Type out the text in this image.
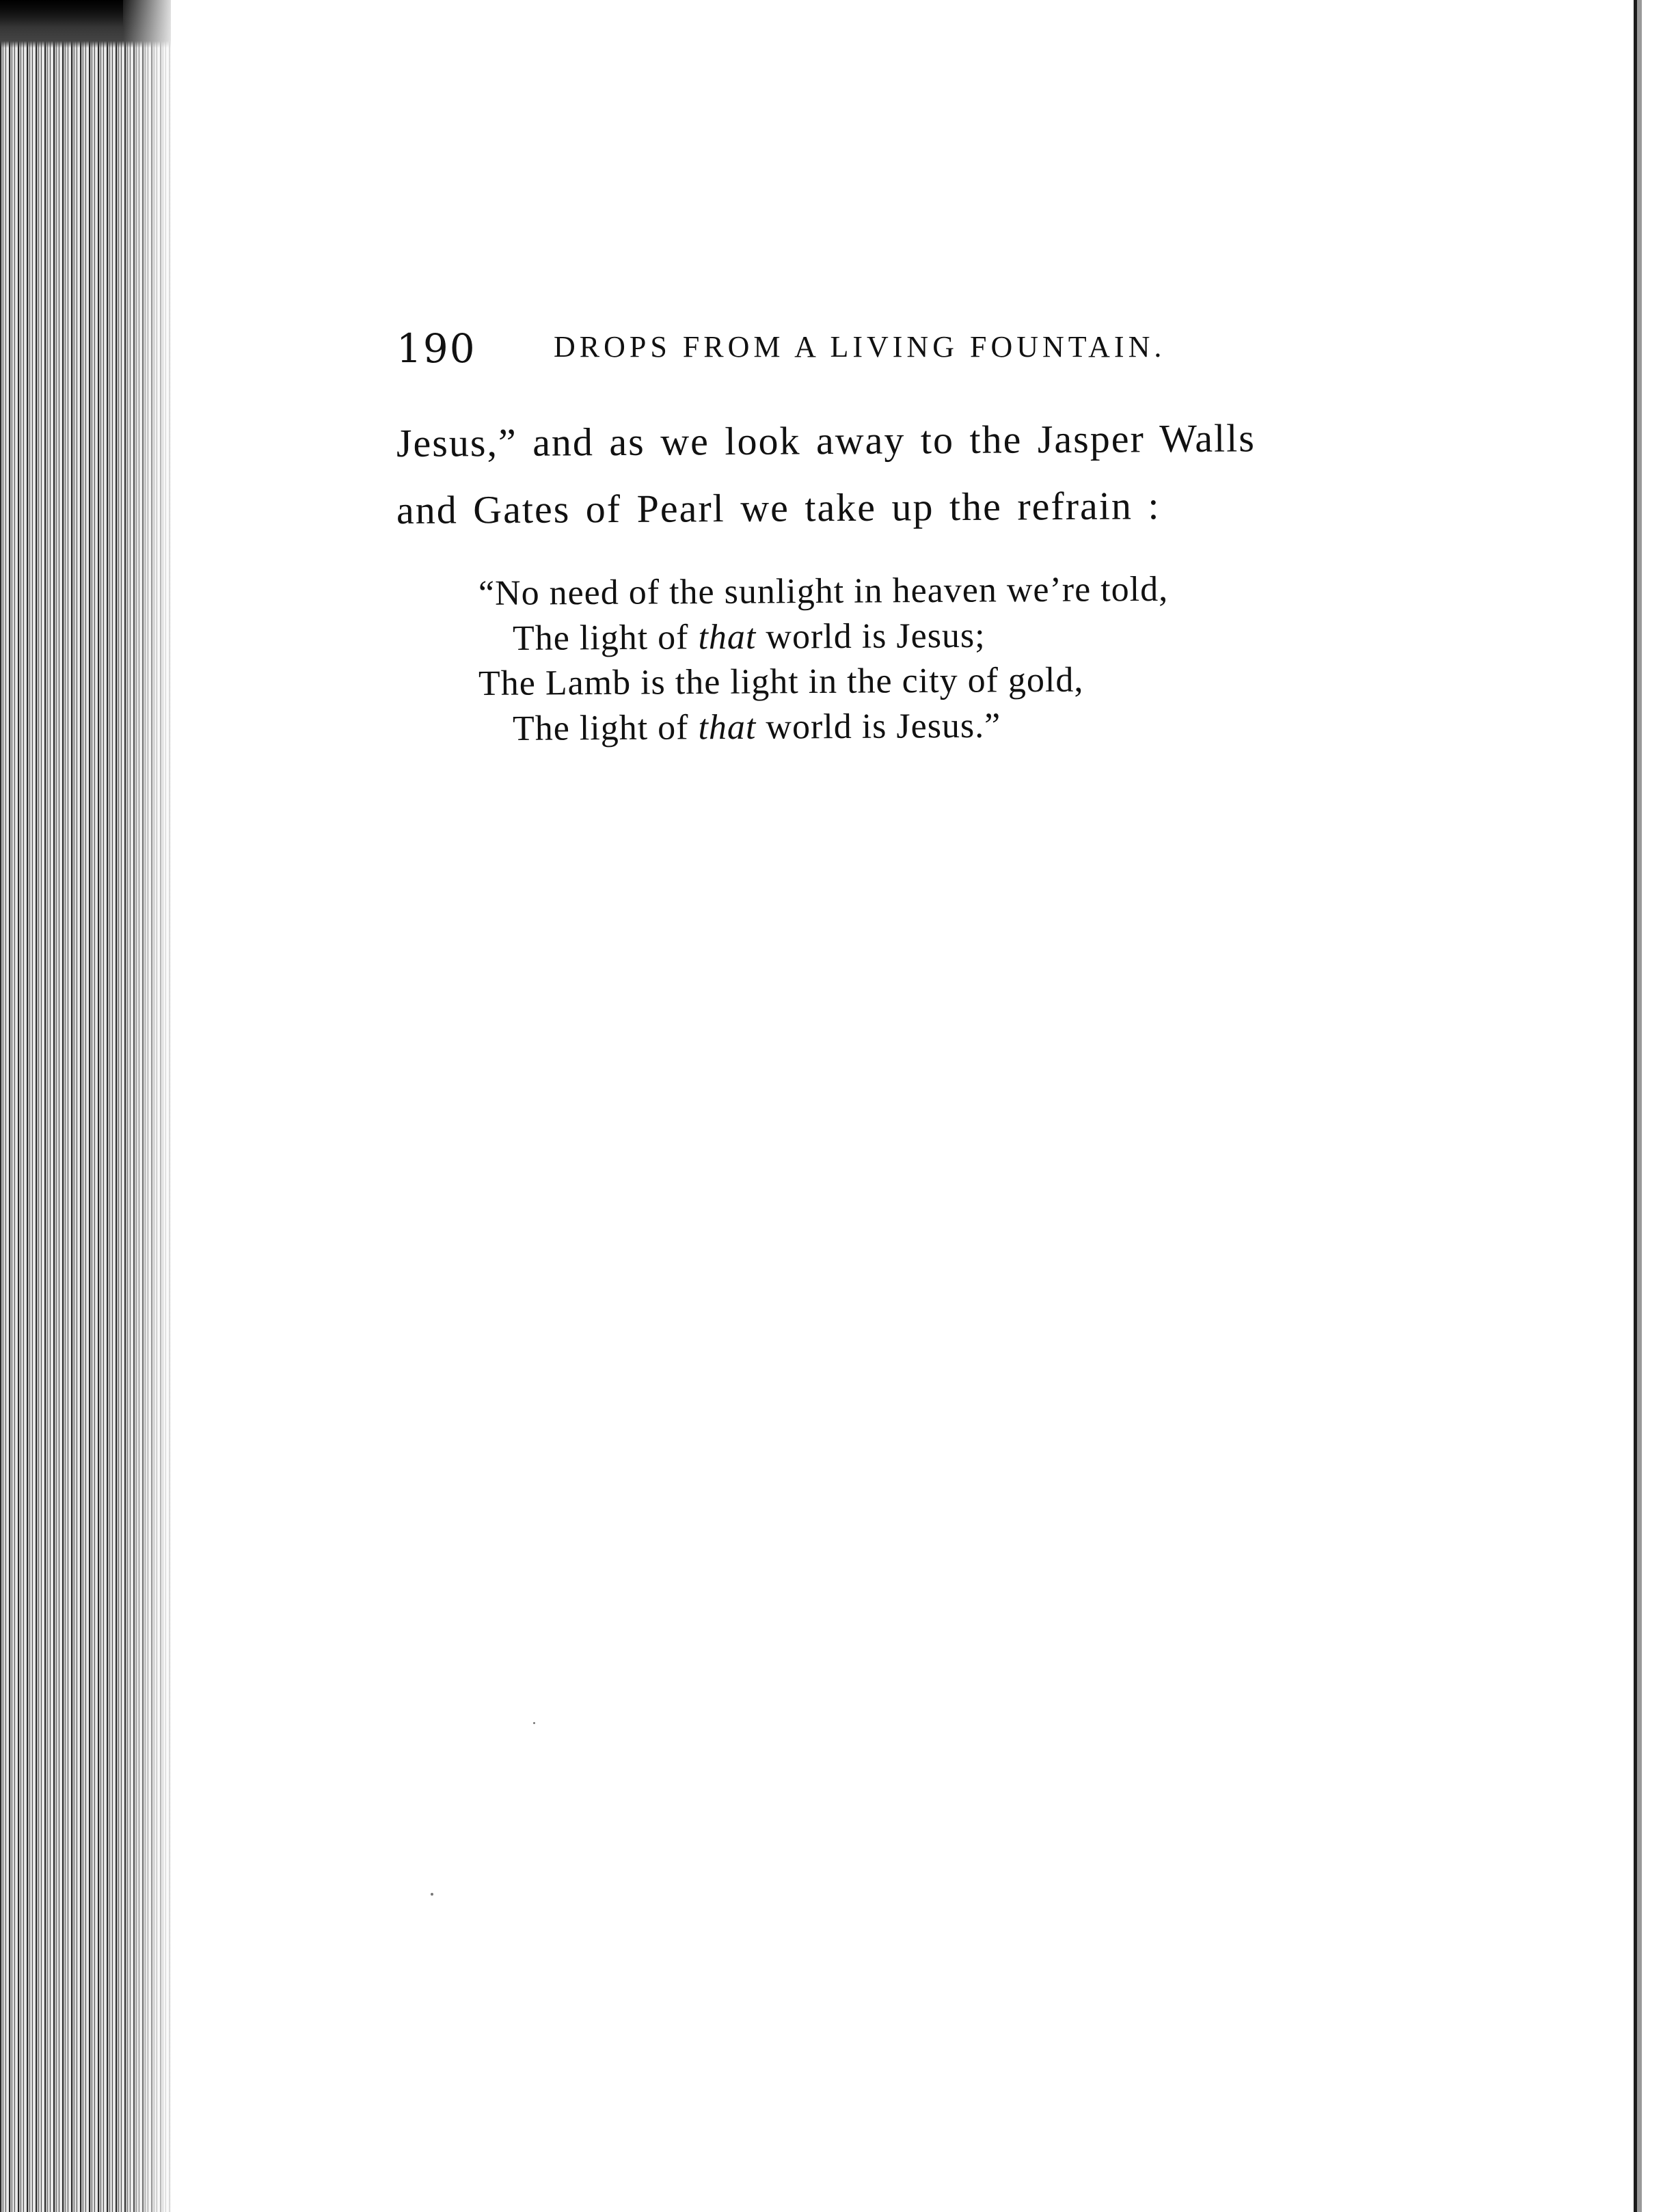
190	DROPS FROM A LIVING FOUNTAIN.
Jesus,” and as we look away to the Jasper Walls
and Gates of Pearl we take up the refrain :
“No need of the sunlight in heaven we’re told,
The light of that world is Jesus;
The Lamb is the light in the city of gold,
The light of that world is Jesus.”
